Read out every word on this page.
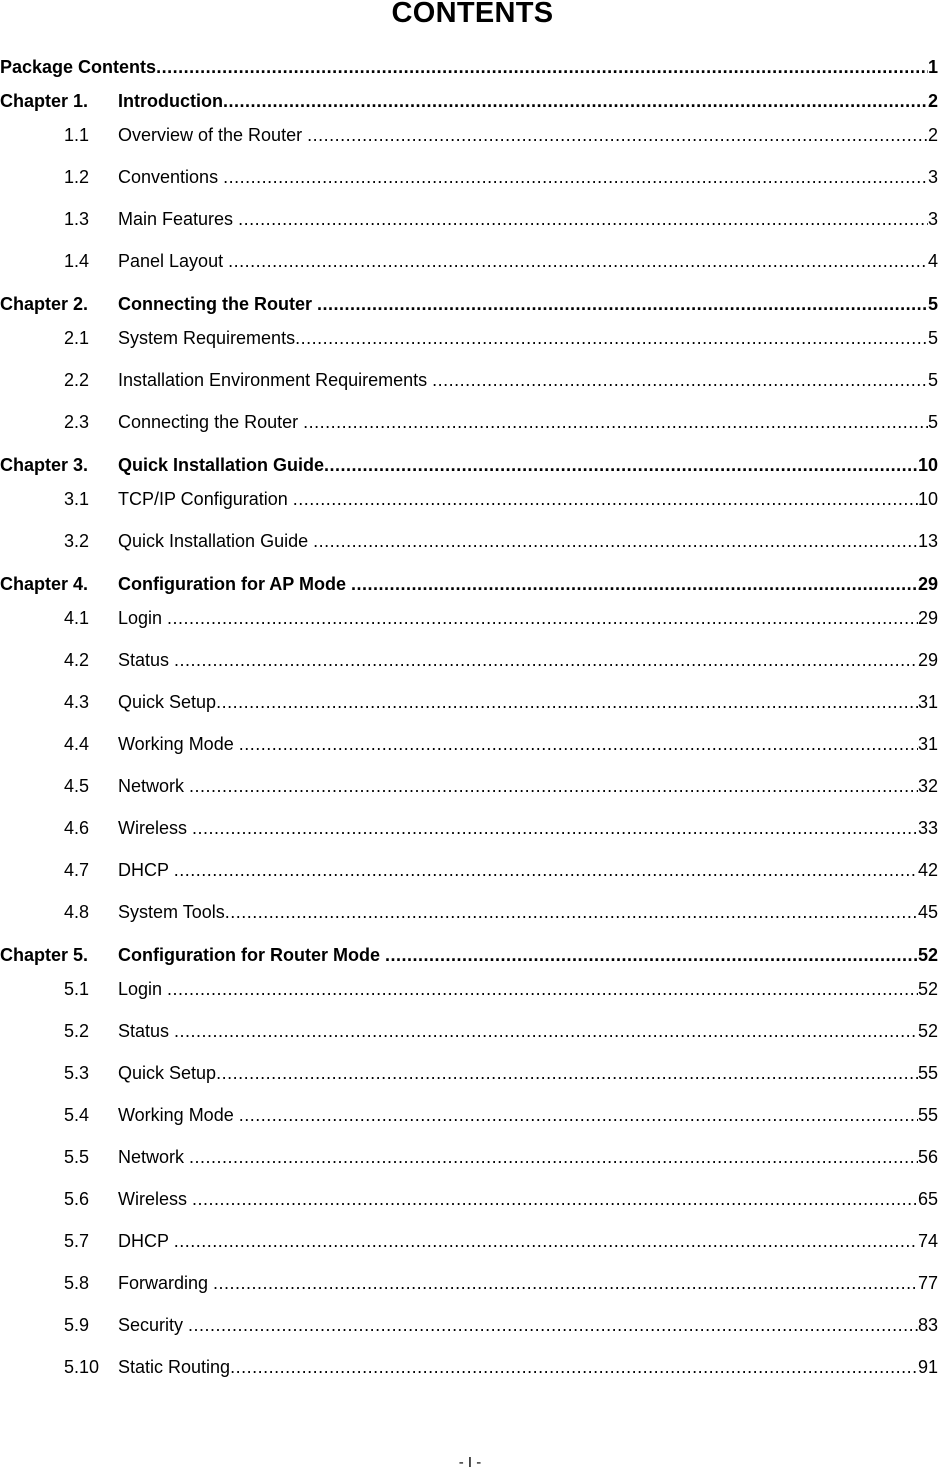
CONTENTS
Package Contents .....	1
Chapter 1. Introduction .....	2
1.1 Overview of the Router .....	2
1.2 Conventions .....	3
1.3 Main Features .....	3
1.4 Panel Layout .....	4
Chapter 2. Connecting the Router .....	5
2.1 System Requirements .....	5
2.2 Installation Environment Requirements .....	5
2.3 Connecting the Router .....	5
Chapter 3. Quick Installation Guide .....	10
3.1 TCP/IP Configuration .....	10
3.2 Quick Installation Guide .....	13
Chapter 4. Configuration for AP Mode .....	29
4.1 Login .....	29
4.2 Status .....	29
4.3 Quick Setup .....	31
4.4 Working Mode .....	31
4.5 Network .....	32
4.6 Wireless .....	33
4.7 DHCP .....	42
4.8 System Tools .....	45
Chapter 5. Configuration for Router Mode .....	52
5.1 Login .....	52
5.2 Status .....	52
5.3 Quick Setup .....	55
5.4 Working Mode .....	55
5.5 Network .....	56
5.6 Wireless .....	65
5.7 DHCP .....	74
5.8 Forwarding .....	77
5.9 Security .....	83
5.10 Static Routing .....	91
- I -
